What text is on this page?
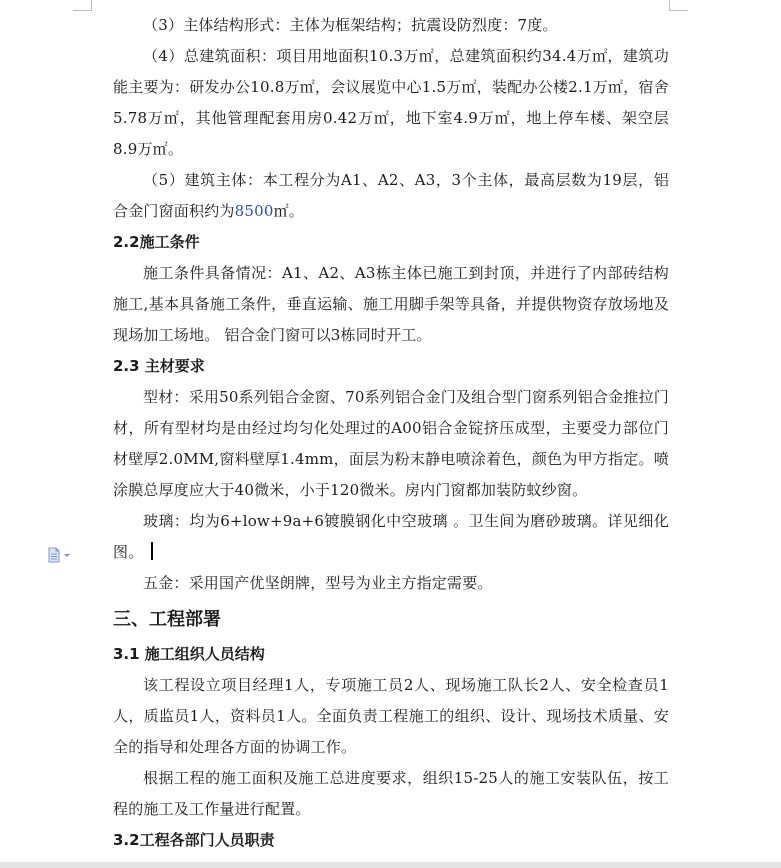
（3）主体结构形式：主体为框架结构；抗震设防烈度：7度。

（4）总建筑面积：项目用地面积10.3万㎡，总建筑面积约34.4万㎡，建筑功能主要为：研发办公10.8万㎡，会议展览中心1.5万㎡，装配办公楼2.1万㎡，宿舍5.78万㎡，其他管理配套用房0.42万㎡，地下室4.9万㎡，地上停车楼、架空层8.9万㎡。

（5）建筑主体：本工程分为A1、A2、A3，3个主体，最高层数为19层，铝合金门窗面积约为8500㎡。

2.2施工条件

施工条件具备情况：A1、A2、A3栋主体已施工到封顶，并进行了内部砖结构施工,基本具备施工条件，垂直运输、施工用脚手架等具备，并提供物资存放场地及现场加工场地。 铝合金门窗可以3栋同时开工。

2.3 主材要求

型材：采用50系列铝合金窗、70系列铝合金门及组合型门窗系列铝合金推拉门材，所有型材均是由经过均匀化处理过的A00铝合金锭挤压成型，主要受力部位门材壁厚2.0MM,窗料壁厚1.4mm，面层为粉末静电喷涂着色，颜色为甲方指定。喷涂膜总厚度应大于40微米，小于120微米。房内门窗都加装防蚊纱窗。

玻璃：均为6+low+9a+6镀膜钢化中空玻璃 。卫生间为磨砂玻璃。详见细化图。

五金：采用国产优坚朗牌，型号为业主方指定需要。

三、工程部署

3.1 施工组织人员结构

该工程设立项目经理1人，专项施工员2人、现场施工队长2人、安全检查员1人，质监员1人，资料员1人。全面负责工程施工的组织、设计、现场技术质量、安全的指导和处理各方面的协调工作。

根据工程的施工面积及施工总进度要求，组织15-25人的施工安装队伍，按工程的施工及工作量进行配置。

3.2工程各部门人员职责
